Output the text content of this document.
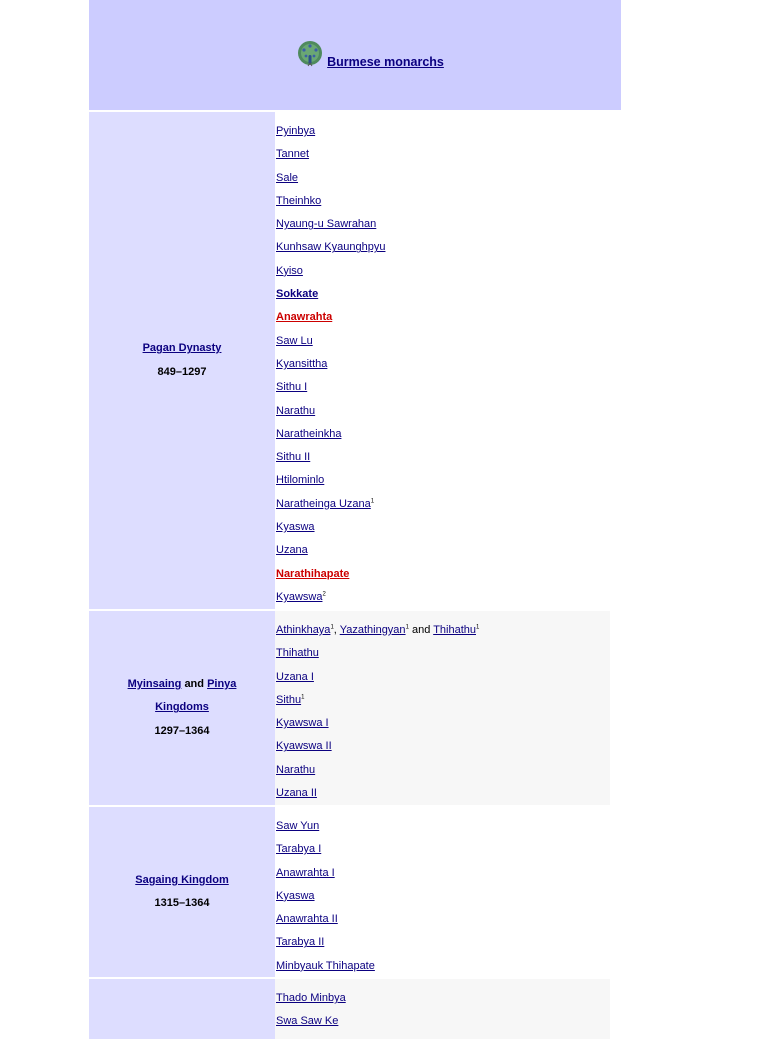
Burmese monarchs
Pagan Dynasty
849–1297
Pyinbya
Tannet
Sale
Theinhko
Nyaung-u Sawrahan
Kunhsaw Kyaunghpyu
Kyiso
Sokkate
Anawrahta
Saw Lu
Kyansittha
Sithu I
Narathu
Naratheinkha
Sithu II
Htilominlo
Naratheinga Uzana$^1$
Kyaswa
Uzana
Narathihapate
Kyawswa$^2$
Myinsaing and Pinya Kingdoms
1297–1364
Athinkhaya$^1$, Yazathingyan$^1$ and Thihathu$^1$
Thihathu
Uzana I
Sithu$^1$
Kyawswa I
Kyawswa II
Narathu
Uzana II
Sagaing Kingdom
1315–1364
Saw Yun
Tarabya I
Anawrahta I
Kyaswa
Anawrahta II
Tarabya II
Minbyauk Thihapate
Thado Minbya
Swa Saw Ke
